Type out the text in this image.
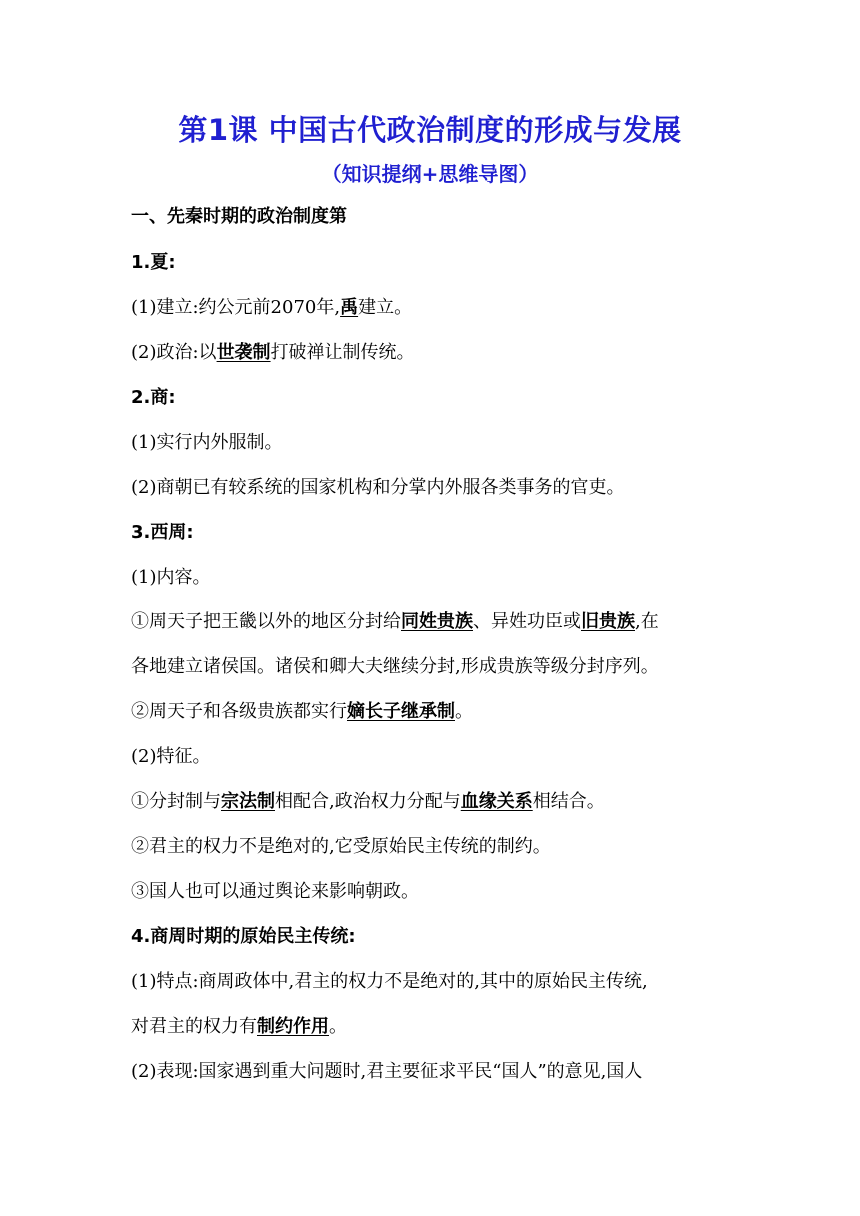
第1课 中国古代政治制度的形成与发展
（知识提纲+思维导图）
一、先秦时期的政治制度第
1.夏:
(1)建立:约公元前2070年,禹建立。
(2)政治:以世袭制打破禅让制传统。
2.商:
(1)实行内外服制。
(2)商朝已有较系统的国家机构和分掌内外服各类事务的官吏。
3.西周:
(1)内容。
①周天子把王畿以外的地区分封给同姓贵族、异姓功臣或旧贵族,在
各地建立诸侯国。诸侯和卿大夫继续分封,形成贵族等级分封序列。
②周天子和各级贵族都实行嫡长子继承制。
(2)特征。
①分封制与宗法制相配合,政治权力分配与血缘关系相结合。
②君主的权力不是绝对的,它受原始民主传统的制约。
③国人也可以通过舆论来影响朝政。
4.商周时期的原始民主传统:
(1)特点:商周政体中,君主的权力不是绝对的,其中的原始民主传统,
对君主的权力有制约作用。
(2)表现:国家遇到重大问题时,君主要征求平民“国人”的意见,国人
